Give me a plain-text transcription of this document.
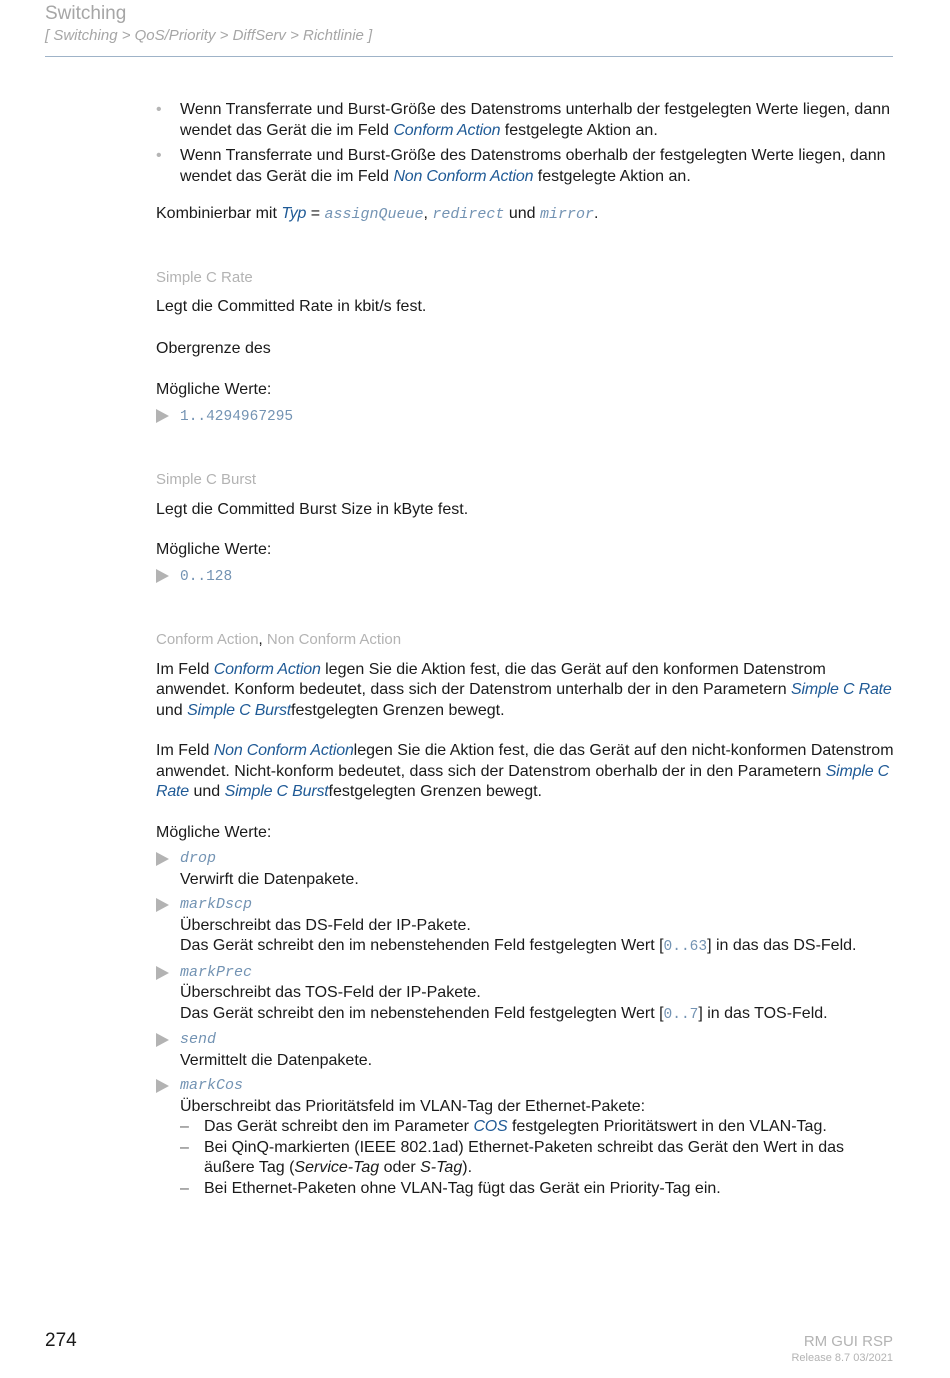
Switching
[ Switching > QoS/Priority > DiffServ > Richtlinie ]
• Wenn Transferrate und Burst-Größe des Datenstroms unterhalb der festgelegten Werte liegen, dann wendet das Gerät die im Feld Conform Action festgelegte Aktion an.
• Wenn Transferrate und Burst-Größe des Datenstroms oberhalb der festgelegten Werte liegen, dann wendet das Gerät die im Feld Non Conform Action festgelegte Aktion an.

Kombinierbar mit Typ = assignQueue, redirect und mirror.

Simple C Rate

Legt die Committed Rate in kbit/s fest.

Obergrenze des

Mögliche Werte:

1..4294967295
Simple C Burst

Legt die Committed Burst Size in kByte fest.

Mögliche Werte:

0..128
Conform Action, Non Conform Action

Im Feld Conform Action legen Sie die Aktion fest, die das Gerät auf den konformen Datenstrom anwendet. Konform bedeutet, dass sich der Datenstrom unterhalb der in den Parametern Simple C Rate und Simple C Burstfestgelegten Grenzen bewegt.

Im Feld Non Conform Actionlegen Sie die Aktion fest, die das Gerät auf den nicht-konformen Datenstrom anwendet. Nicht-konform bedeutet, dass sich der Datenstrom oberhalb der in den Parametern Simple C Rate und Simple C Burstfestgelegten Grenzen bewegt.

Mögliche Werte:

drop
Verwirft die Datenpakete.
markDscp
Überschreibt das DS-Feld der IP-Pakete.
Das Gerät schreibt den im nebenstehenden Feld festgelegten Wert [0..63] in das das DS-Feld.
markPrec
Überschreibt das TOS-Feld der IP-Pakete.
Das Gerät schreibt den im nebenstehenden Feld festgelegten Wert [0..7] in das TOS-Feld.
send
Vermittelt die Datenpakete.
markCos
Überschreibt das Prioritätsfeld im VLAN-Tag der Ethernet-Pakete:
– Das Gerät schreibt den im Parameter COS festgelegten Prioritätswert in den VLAN-Tag.
– Bei QinQ-markierten (IEEE 802.1ad) Ethernet-Paketen schreibt das Gerät den Wert in das äußere Tag (Service-Tag oder S-Tag).
– Bei Ethernet-Paketen ohne VLAN-Tag fügt das Gerät ein Priority-Tag ein.
274	RM GUI RSP
Release 8.7 03/2021
